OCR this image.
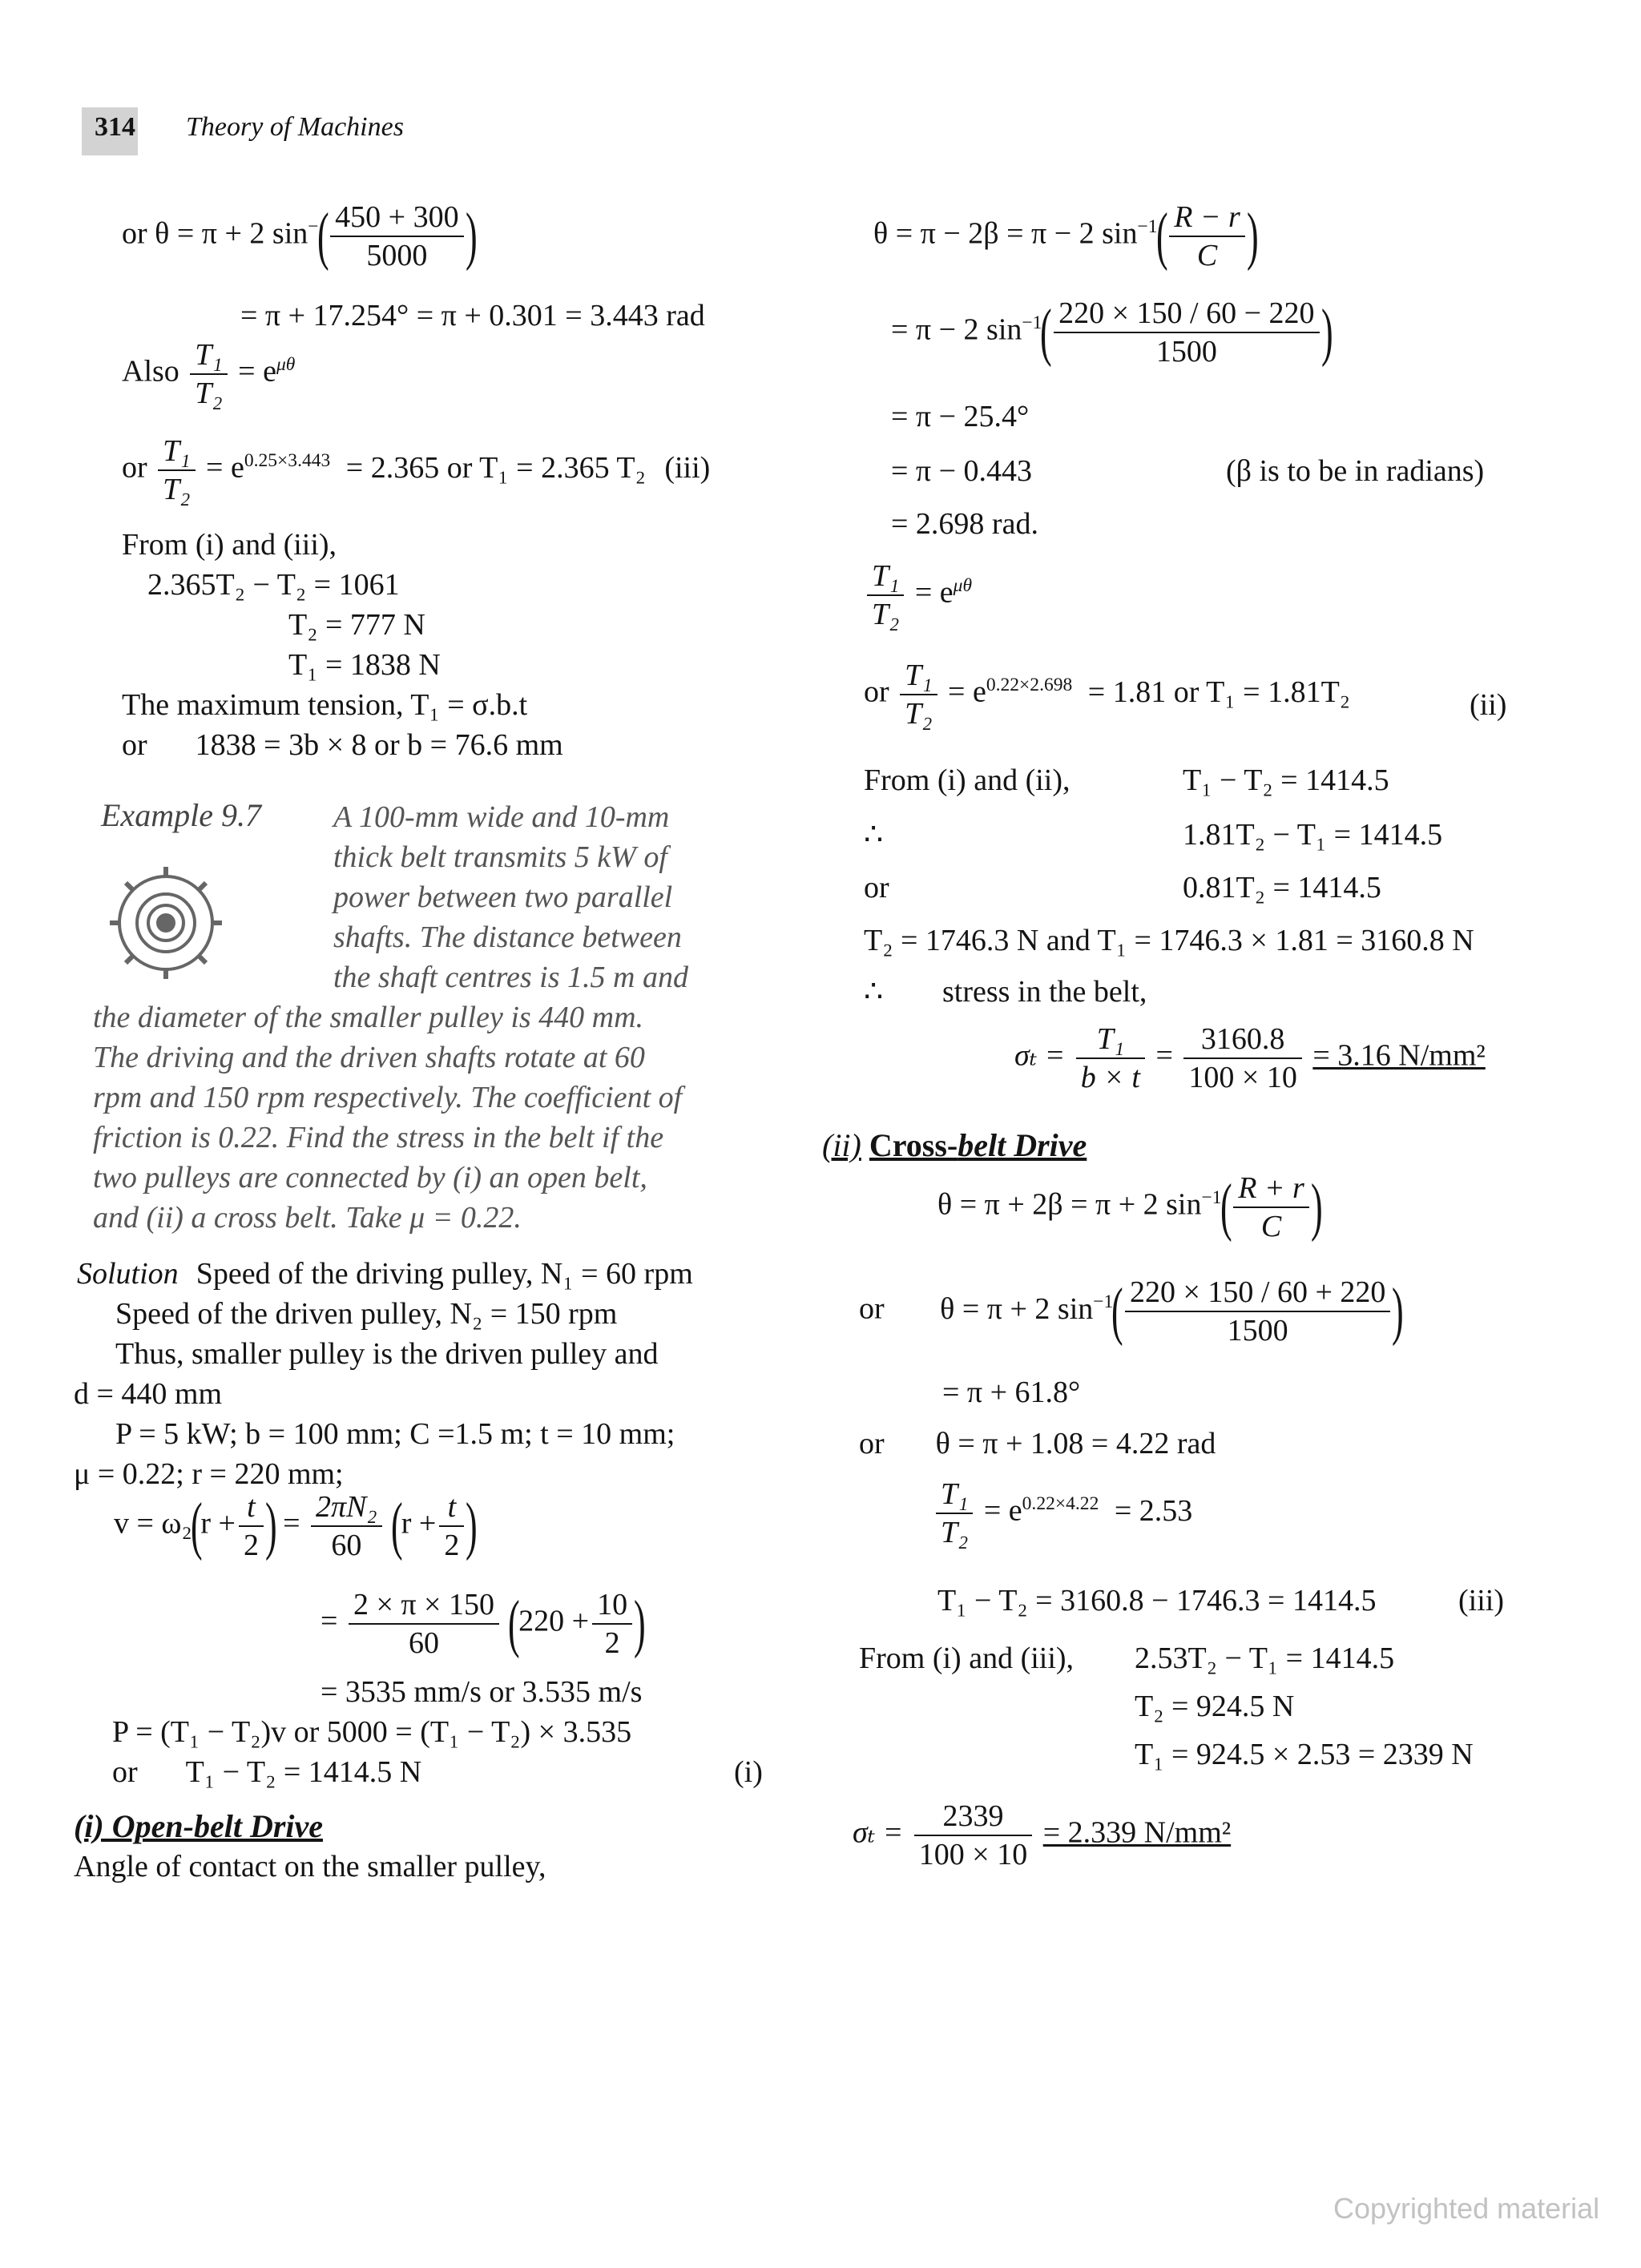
314 Theory of Machines
or θ = π + 2 $\sin^-( \frac{450 + 300}{5000}$ )
= π + 17.254° = π + 0.301 = 3.443 rad
Also $\frac{\text{T₁}}{\text{T₂}} = e^{\mu\theta}$
or $\frac{\text{T₁}}{\text{T₂}} = e^{0.25\times 3.443} = 2.365$ or T₁ = 2.365 T₂ (iii)
From (i) and (iii),
2.365T₂ − T₂ = 1061
T₂ = 777 N
T₁ = 1838 N
The maximum tension, T₁ = σ.b.t
or 1838 = 3b × 8 or b = 76.6 mm
Example 9.7 A 100-mm wide and 10-mm
thick belt transmits 5 kW of
power between two parallel
shafts. The distance between
the shaft centres is 1.5 m and
the diameter of the smaller pulley is 440 mm.
The driving and the driven shafts rotate at 60
rpm and 150 rpm respectively. The coefficient of
friction is 0.22. Find the stress in the belt if the
two pulleys are connected by (i) an open belt,
and (ii) a cross belt. Take μ = 0.22.
Solution Speed of the driving pulley, N₁ = 60 rpm
Speed of the driven pulley, N₂ = 150 rpm
Thus, smaller pulley is the driven pulley and
d = 440 mm
P = 5 kW; b = 100 mm; C =1.5 m; t = 10 mm;
μ = 0.22; r = 220 mm;
$v = \omega_2(r + \frac{t}{2}$ ) = $\frac{\text{2πN₂}}{60} (r + \frac{t}{2}$ )
= $\frac{2 \times \pi \times 150}{60} (220 + \frac{10}{2}$ )
= 3535 mm/s or 3.535 m/s
P = (T₁ − T₂)v or 5000 = (T₁ − T₂) × 3.535
or T₁ − T₂ = 1414.5 N	(i)
(i) Open-belt Drive
Angle of contact on the smaller pulley,
θ = π − 2β = π − 2 $\sin^{-1}( \frac{R - r}{C}$ )
= π − 2 $\sin^{-1}( \frac{220 \times 150 / 60 - 220}{1500}$ )
= π − 25.4°
= π − 0.443	(β is to be in radians)
= 2.698 rad.
$\frac{\text{T₁}}{\text{T₂}} = e^{\mu\theta}$
or $\frac{\text{T₁}}{\text{T₂}} = e^{0.22\times 2.698} = 1.81$ or T₁ = 1.81T₂	(ii)
From (i) and (ii),	T₁ − T₂ = 1414.5
∴	1.81T₂ − T₁ = 1414.5
or	0.81T₂ = 1414.5
T₂ = 1746.3 N and T₁ = 1746.3 × 1.81 = 3160.8 N
∴ stress in the belt,
$\sigma_t = \frac{\text{T₁}}{b \times t} = \frac{3160.8}{100 \times 10} = 3.16$ N/mm²
(ii) Cross-belt Drive
θ = π + 2β = π + 2 $\sin^{-1}( \frac{R + r}{C}$ )
or θ = π + 2 $\sin^{-1}( \frac{220 \times 150 / 60 + 220}{1500}$ )
= π + 61.8°
or θ = π + 1.08 = 4.22 rad
$\frac{\text{T₁}}{\text{T₂}} = e^{0.22\times 4.22} = 2.53$
T₁ − T₂ = 3160.8 − 1746.3 = 1414.5	(iii)
From (i) and (iii), 2.53T₂ − T₁ = 1414.5
T₂ = 924.5 N
T₁ = 924.5 × 2.53 = 2339 N
$\sigma_t = \frac{2339}{100 \times 10} = 2.339$ N/mm²
Copyrighted material
